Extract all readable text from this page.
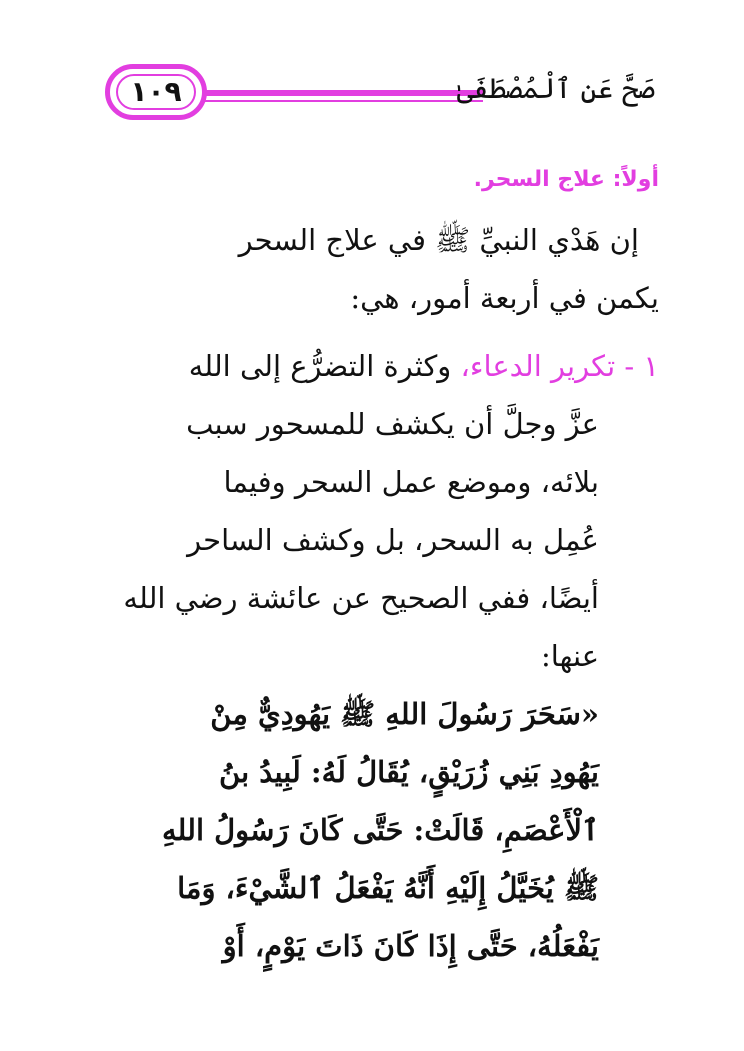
١٠٩	صَحَّ عَنِ ٱلْمُصْطَفَىٰ
أولاً: علاج السحر.

إن هَدْي النبيِّ ﷺ في علاج السحر

يكمن في أربعة أمور، هي:

١ - تكرير الدعاء، وكثرة التضرُّع إلى الله

عزَّ وجلَّ أن يكشف للمسحور سبب

بلائه، وموضع عمل السحر وفيما

عُمِل به السحر، بل وكشف الساحر

أيضًا، ففي الصحيح عن عائشة رضي الله عنها:

«سَحَرَ رَسُولَ اللهِ ﷺ يَهُودِيٌّ مِنْ

يَهُودِ بَنِي زُرَيْقٍ، يُقَالُ لَهُ: لَبِيدُ بنُ

ٱلْأَعْصَمِ، قَالَتْ: حَتَّى كَانَ رَسُولُ اللهِ

ﷺ يُخَيَّلُ إِلَيْهِ أَنَّهُ يَفْعَلُ ٱلشَّيْءَ، وَمَا

يَفْعَلُهُ، حَتَّى إِذَا كَانَ ذَاتَ يَوْمٍ، أَوْ
